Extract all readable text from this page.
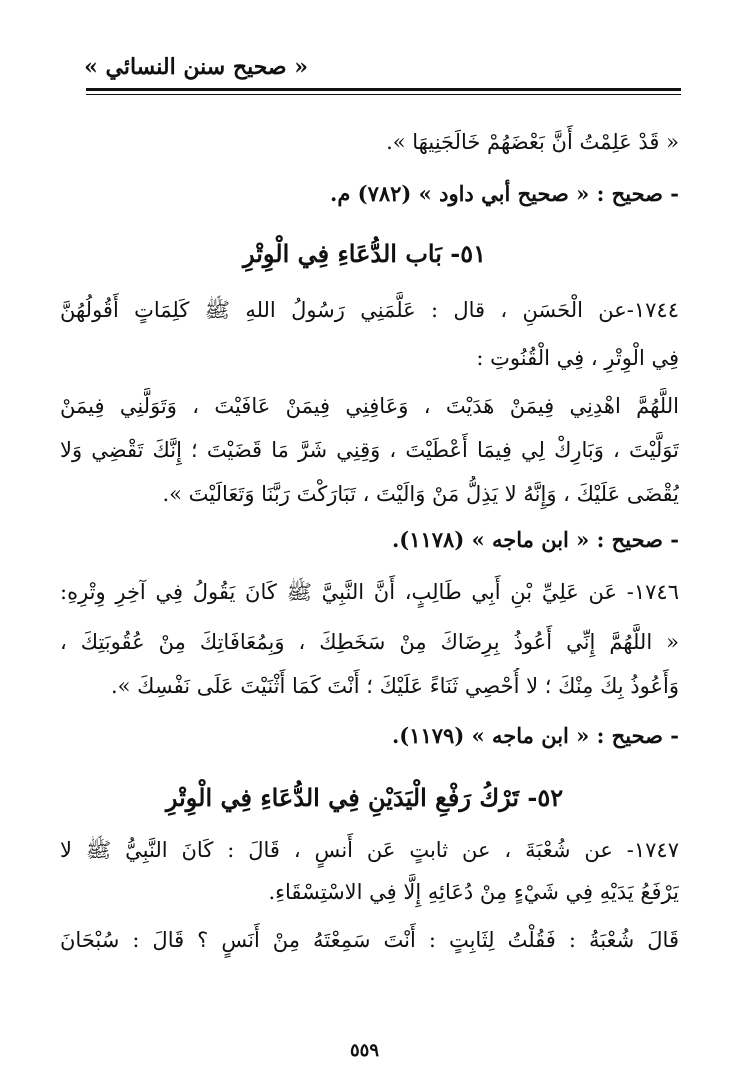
« صحيح سنن النسائي »
« قَدْ عَلِمْتُ أَنَّ بَعْضَهُمْ خَالَجَنِيهَا ».
- صحيح : « صحيح أبي داود » (٧٨٢) م.
٥١- بَاب الدُّعَاءِ فِي الْوِتْرِ
١٧٤٤-عن الْحَسَنِ ، قال : عَلَّمَنِي رَسُولُ اللهِ ﷺ كَلِمَاتٍ أَقُولُهُنَّ
فِي الْوِتْرِ ، فِي الْقُنُوتِ :
اللَّهُمَّ اهْدِنِي فِيمَنْ هَدَيْتَ ، وَعَافِنِي فِيمَنْ عَافَيْتَ ، وَتَوَلَّنِي فِيمَنْ
تَوَلَّيْتَ ، وَبَارِكْ لِي فِيمَا أَعْطَيْتَ ، وَقِنِي شَرَّ مَا قَضَيْتَ ؛ إِنَّكَ تَقْضِي وَلا
يُقْضَى عَلَيْكَ ، وَإِنَّهُ لا يَذِلُّ مَنْ وَالَيْتَ ، تَبَارَكْتَ رَبَّنَا وَتَعَالَيْتَ ».
- صحيح : « ابن ماجه » (١١٧٨).
١٧٤٦- عَن عَلِيِّ بْنِ أَبِي طَالِبٍ، أَنَّ النَّبِيَّ ﷺ كَانَ يَقُولُ فِي آخِرِ وِتْرِهِ:
« اللَّهُمَّ إِنِّي أَعُوذُ بِرِضَاكَ مِنْ سَخَطِكَ ، وَبِمُعَافَاتِكَ مِنْ عُقُوبَتِكَ ،
وَأَعُوذُ بِكَ مِنْكَ ؛ لا أُحْصِي ثَنَاءً عَلَيْكَ ؛ أَنْتَ كَمَا أَثْنَيْتَ عَلَى نَفْسِكَ ».
- صحيح : « ابن ماجه » (١١٧٩).
٥٢- تَرْكُ رَفْعِ الْيَدَيْنِ فِي الدُّعَاءِ فِي الْوِتْرِ
١٧٤٧- عن شُعْبَةَ ، عن ثابتٍ عَن أَنسٍ ، قَالَ : كَانَ النَّبِيُّ ﷺ لا
يَرْفَعُ يَدَيْهِ فِي شَيْءٍ مِنْ دُعَائِهِ إِلَّا فِي الاسْتِسْقَاءِ.
قَالَ شُعْبَةُ : فَقُلْتُ لِثَابِتٍ : أَنْتَ سَمِعْتَهُ مِنْ أَنَسٍ ؟ قَالَ : سُبْحَانَ
٥٥٩
